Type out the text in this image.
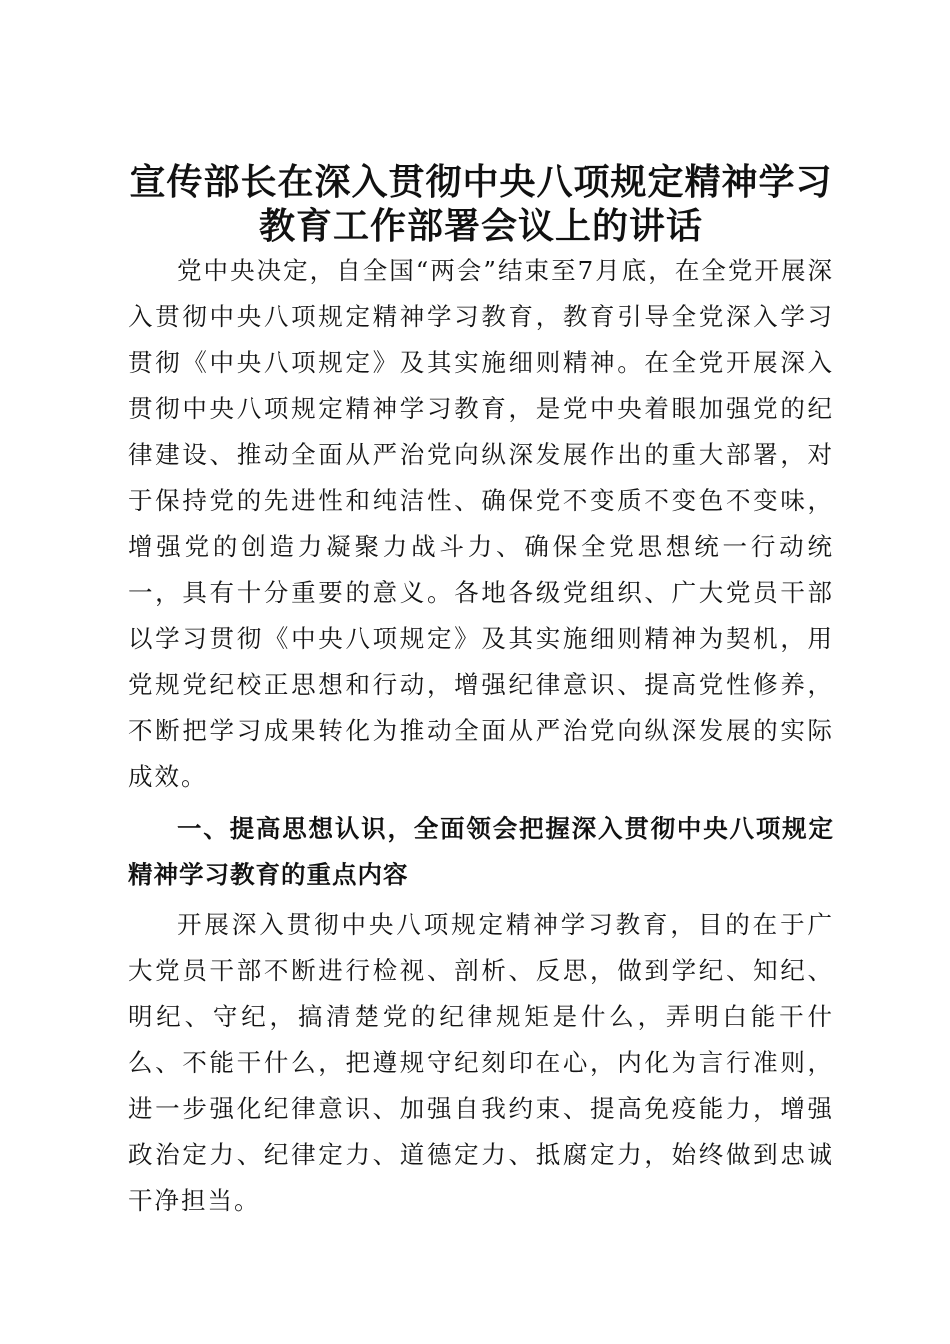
宣传部长在深入贯彻中央八项规定精神学习教育工作部署会议上的讲话

党中央决定，自全国“两会”结束至7月底，在全党开展深入贯彻中央八项规定精神学习教育，教育引导全党深入学习贯彻《中央八项规定》及其实施细则精神。在全党开展深入贯彻中央八项规定精神学习教育，是党中央着眼加强党的纪律建设、推动全面从严治党向纵深发展作出的重大部署，对于保持党的先进性和纯洁性、确保党不变质不变色不变味，增强党的创造力凝聚力战斗力、确保全党思想统一行动统一，具有十分重要的意义。各地各级党组织、广大党员干部以学习贯彻《中央八项规定》及其实施细则精神为契机，用党规党纪校正思想和行动，增强纪律意识、提高党性修养，不断把学习成果转化为推动全面从严治党向纵深发展的实际成效。

一、提高思想认识，全面领会把握深入贯彻中央八项规定精神学习教育的重点内容

开展深入贯彻中央八项规定精神学习教育，目的在于广大党员干部不断进行检视、剖析、反思，做到学纪、知纪、明纪、守纪，搞清楚党的纪律规矩是什么，弄明白能干什么、不能干什么，把遵规守纪刻印在心，内化为言行准则，进一步强化纪律意识、加强自我约束、提高免疫能力，增强政治定力、纪律定力、道德定力、抵腐定力，始终做到忠诚干净担当。
